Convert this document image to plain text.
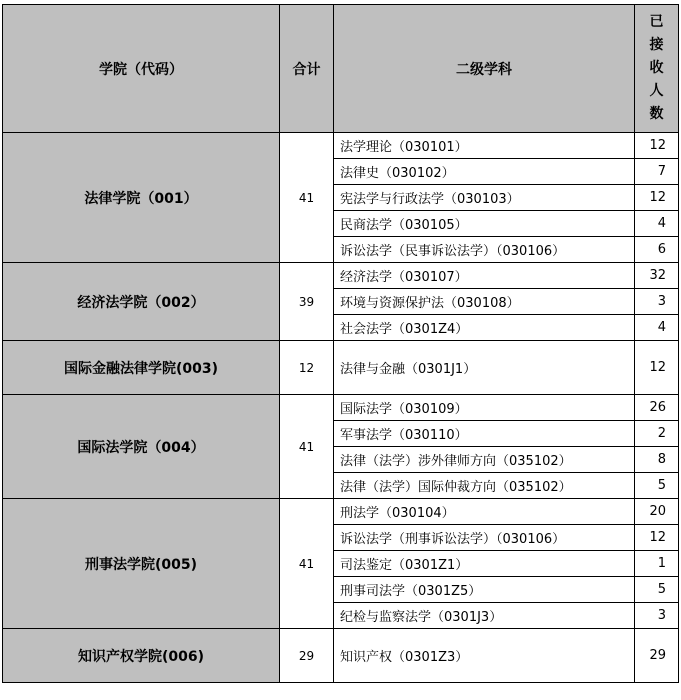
学院（代码）	合计	二级学科	已
接
收
人
数

法律学院（001）	41	法学理论（030101）	12
		法律史（030102）	7
		宪法学与行政法学（030103）	12
		民商法学（030105）	4
		诉讼法学（民事诉讼法学）（030106）	6
经济法学院（002）	39	经济法学（030107）	32
		环境与资源保护法（030108）	3
		社会法学（0301Z4）	4
国际金融法律学院(003)	12	法律与金融（0301J1）	12
国际法学院（004）	41	国际法学（030109）	26
		军事法学（030110）	2
		法律（法学）涉外律师方向（035102）	8
		法律（法学）国际仲裁方向（035102）	5
刑事法学院(005)	41	刑法学（030104）	20
		诉讼法学（刑事诉讼法学）（030106）	12
		司法鉴定（0301Z1）	1
		刑事司法学（0301Z5）	5
		纪检与监察法学（0301J3）	3
知识产权学院(006)	29	知识产权（0301Z3）	29
